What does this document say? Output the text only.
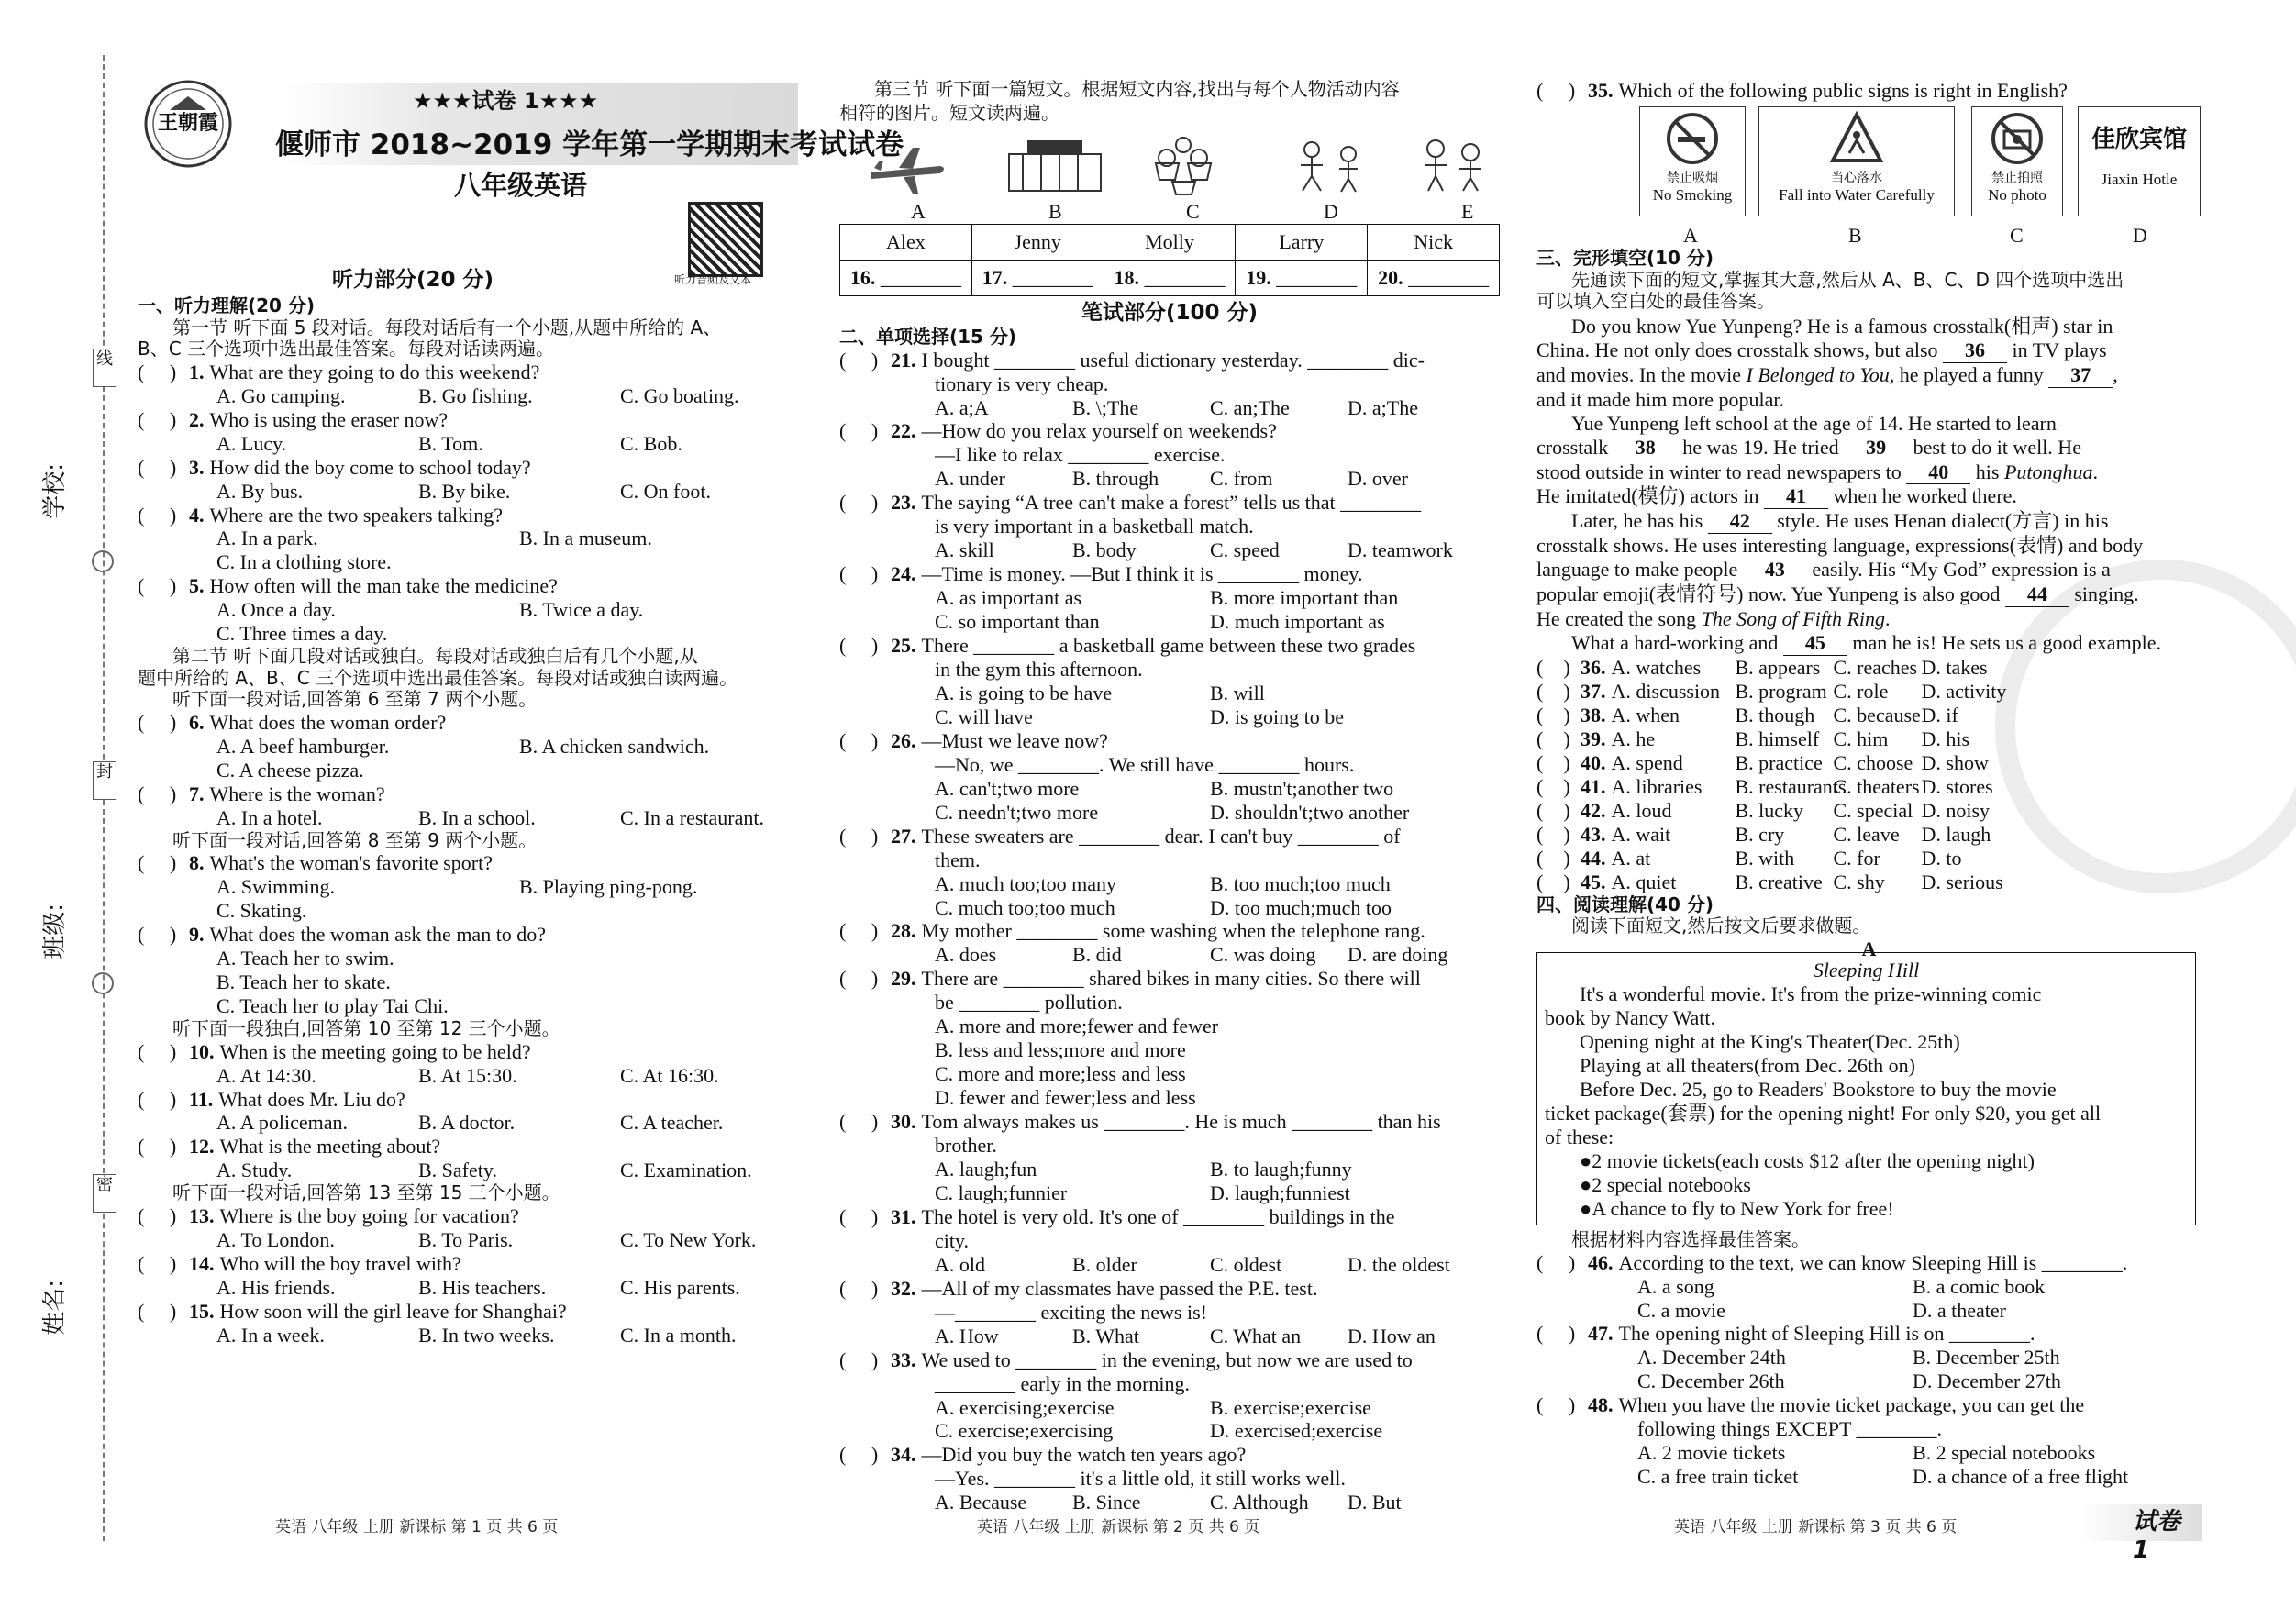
线
封
密
学校:
班级:
姓名:
王朝霞
★★★试卷 1★★★
偃师市 2018~2019 学年第一学期期末考试试卷
八年级英语
听力音频及文本
听力部分(20 分)
一、听力理解(20 分)
第一节 听下面 5 段对话。每段对话后有一个小题,从题中所给的 A、
B、C 三个选项中选出最佳答案。每段对话读两遍。
(     ) 1. What are they going to do this weekend?
A. Go camping.	B. Go fishing.	C. Go boating.
(     ) 2. Who is using the eraser now?
A. Lucy.	B. Tom.	C. Bob.
(     ) 3. How did the boy come to school today?
A. By bus.	B. By bike.	C. On foot.
(     ) 4. Where are the two speakers talking?
A. In a park.	B. In a museum.
C. In a clothing store.
(     ) 5. How often will the man take the medicine?
A. Once a day.	B. Twice a day.
C. Three times a day.
第二节 听下面几段对话或独白。每段对话或独白后有几个小题,从
题中所给的 A、B、C 三个选项中选出最佳答案。每段对话或独白读两遍。
听下面一段对话,回答第 6 至第 7 两个小题。
(     ) 6. What does the woman order?
A. A beef hamburger.	B. A chicken sandwich.
C. A cheese pizza.
(     ) 7. Where is the woman?
A. In a hotel.	B. In a school.	C. In a restaurant.
听下面一段对话,回答第 8 至第 9 两个小题。
(     ) 8. What's the woman's favorite sport?
A. Swimming.	B. Playing ping-pong.
C. Skating.
(     ) 9. What does the woman ask the man to do?
A. Teach her to swim.
B. Teach her to skate.
C. Teach her to play Tai Chi.
听下面一段独白,回答第 10 至第 12 三个小题。
(     ) 10. When is the meeting going to be held?
A. At 14:30.	B. At 15:30.	C. At 16:30.
(     ) 11. What does Mr. Liu do?
A. A policeman.	B. A doctor.	C. A teacher.
(     ) 12. What is the meeting about?
A. Study.	B. Safety.	C. Examination.
听下面一段对话,回答第 13 至第 15 三个小题。
(     ) 13. Where is the boy going for vacation?
A. To London.	B. To Paris.	C. To New York.
(     ) 14. Who will the boy travel with?
A. His friends.	B. His teachers.	C. His parents.
(     ) 15. How soon will the girl leave for Shanghai?
A. In a week.	B. In two weeks.	C. In a month.
英语 八年级 上册 新课标 第 1 页 共 6 页
第三节 听下面一篇短文。根据短文内容,找出与每个人物活动内容
相符的图片。短文读两遍。
A	B	C	D	E
Alex	Jenny	Molly	Larry	Nick
16. ________	17. ________	18. ________	19. ________	20. ________
笔试部分(100 分)
二、单项选择(15 分)
(     ) 21. I bought ________ useful dictionary yesterday. ________ dic-
tionary is very cheap.
A. a;A	B. \;The	C. an;The	D. a;The
(     ) 22. —How do you relax yourself on weekends?
—I like to relax ________ exercise.
A. under	B. through	C. from	D. over
(     ) 23. The saying “A tree can't make a forest” tells us that ________
is very important in a basketball match.
A. skill	B. body	C. speed	D. teamwork
(     ) 24. —Time is money. —But I think it is ________ money.
A. as important as	B. more important than
C. so important than	D. much important as
(     ) 25. There ________ a basketball game between these two grades
in the gym this afternoon.
A. is going to be have	B. will
C. will have	D. is going to be
(     ) 26. —Must we leave now?
—No, we ________. We still have ________ hours.
A. can't;two more	B. mustn't;another two
C. needn't;two more	D. shouldn't;two another
(     ) 27. These sweaters are ________ dear. I can't buy ________ of
them.
A. much too;too many	B. too much;too much
C. much too;too much	D. too much;much too
(     ) 28. My mother ________ some washing when the telephone rang.
A. does	B. did	C. was doing	D. are doing
(     ) 29. There are ________ shared bikes in many cities. So there will
be ________ pollution.
A. more and more;fewer and fewer
B. less and less;more and more
C. more and more;less and less
D. fewer and fewer;less and less
(     ) 30. Tom always makes us ________. He is much ________ than his
brother.
A. laugh;fun	B. to laugh;funny
C. laugh;funnier	D. laugh;funniest
(     ) 31. The hotel is very old. It's one of ________ buildings in the
city.
A. old	B. older	C. oldest	D. the oldest
(     ) 32. —All of my classmates have passed the P.E. test.
—________ exciting the news is!
A. How	B. What	C. What an	D. How an
(     ) 33. We used to ________ in the evening, but now we are used to
________ early in the morning.
A. exercising;exercise	B. exercise;exercise
C. exercise;exercising	D. exercised;exercise
(     ) 34. —Did you buy the watch ten years ago?
—Yes. ________ it's a little old, it still works well.
A. Because	B. Since	C. Although	D. But
英语 八年级 上册 新课标 第 2 页 共 6 页
(     ) 35. Which of the following public signs is right in English?
禁止吸烟
No Smoking
当心落水
Fall into Water Carefully
禁止拍照
No photo
佳欣宾馆
Jiaxin Hotle
A	B	C	D
三、完形填空(10 分)
先通读下面的短文,掌握其大意,然后从 A、B、C、D 四个选项中选出
可以填入空白处的最佳答案。
Do you know Yue Yunpeng? He is a famous crosstalk(相声) star in
China. He not only does crosstalk shows, but also 36 in TV plays
and movies. In the movie I Belonged to You, he played a funny 37 ,
and it made him more popular.
Yue Yunpeng left school at the age of 14. He started to learn
crosstalk 38 he was 19. He tried 39 best to do it well. He
stood outside in winter to read newspapers to 40 his Putonghua.
He imitated(模仿) actors in 41 when he worked there.
Later, he has his 42 style. He uses Henan dialect(方言) in his
crosstalk shows. He uses interesting language, expressions(表情) and body
language to make people 43 easily. His “My God” expression is a
popular emoji(表情符号) now. Yue Yunpeng is also good 44 singing.
He created the song The Song of Fifth Ring.
What a hard-working and 45 man he is! He sets us a good example.
(    ) 36. A. watches	B. appears C. reaches D. takes
(    ) 37. A. discussion B. program C. role	D. activity
(    ) 38. A. when	B. though C. because D. if
(    ) 39. A. he	B. himself C. him	D. his
(    ) 40. A. spend	B. practice C. choose D. show
(    ) 41. A. libraries	B. restaurants
C. theaters D. stores
(    ) 42. A. loud	B. lucky	C. special D. noisy
(    ) 43. A. wait	B. cry	C. leave	D. laugh
(    ) 44. A. at	B. with	C. for	D. to
(    ) 45. A. quiet	B. creative C. shy	D. serious
四、阅读理解(40 分)
阅读下面短文,然后按文后要求做题。
A
Sleeping Hill
It's a wonderful movie. It's from the prize-winning comic
book by Nancy Watt.
Opening night at the King's Theater(Dec. 25th)
Playing at all theaters(from Dec. 26th on)
Before Dec. 25, go to Readers' Bookstore to buy the movie
ticket package(套票) for the opening night! For only $20, you get all
of these:
●2 movie tickets(each costs $12 after the opening night)
●2 special notebooks
●A chance to fly to New York for free!
根据材料内容选择最佳答案。
(     ) 46. According to the text, we can know Sleeping Hill is ________.
A. a song	B. a comic book
C. a movie	D. a theater
(     ) 47. The opening night of Sleeping Hill is on ________.
A. December 24th	B. December 25th
C. December 26th	D. December 27th
(     ) 48. When you have the movie ticket package, you can get the
following things EXCEPT ________.
A. 2 movie tickets	B. 2 special notebooks
C. a free train ticket	D. a chance of a free flight
英语 八年级 上册 新课标 第 3 页 共 6 页	试卷 1
